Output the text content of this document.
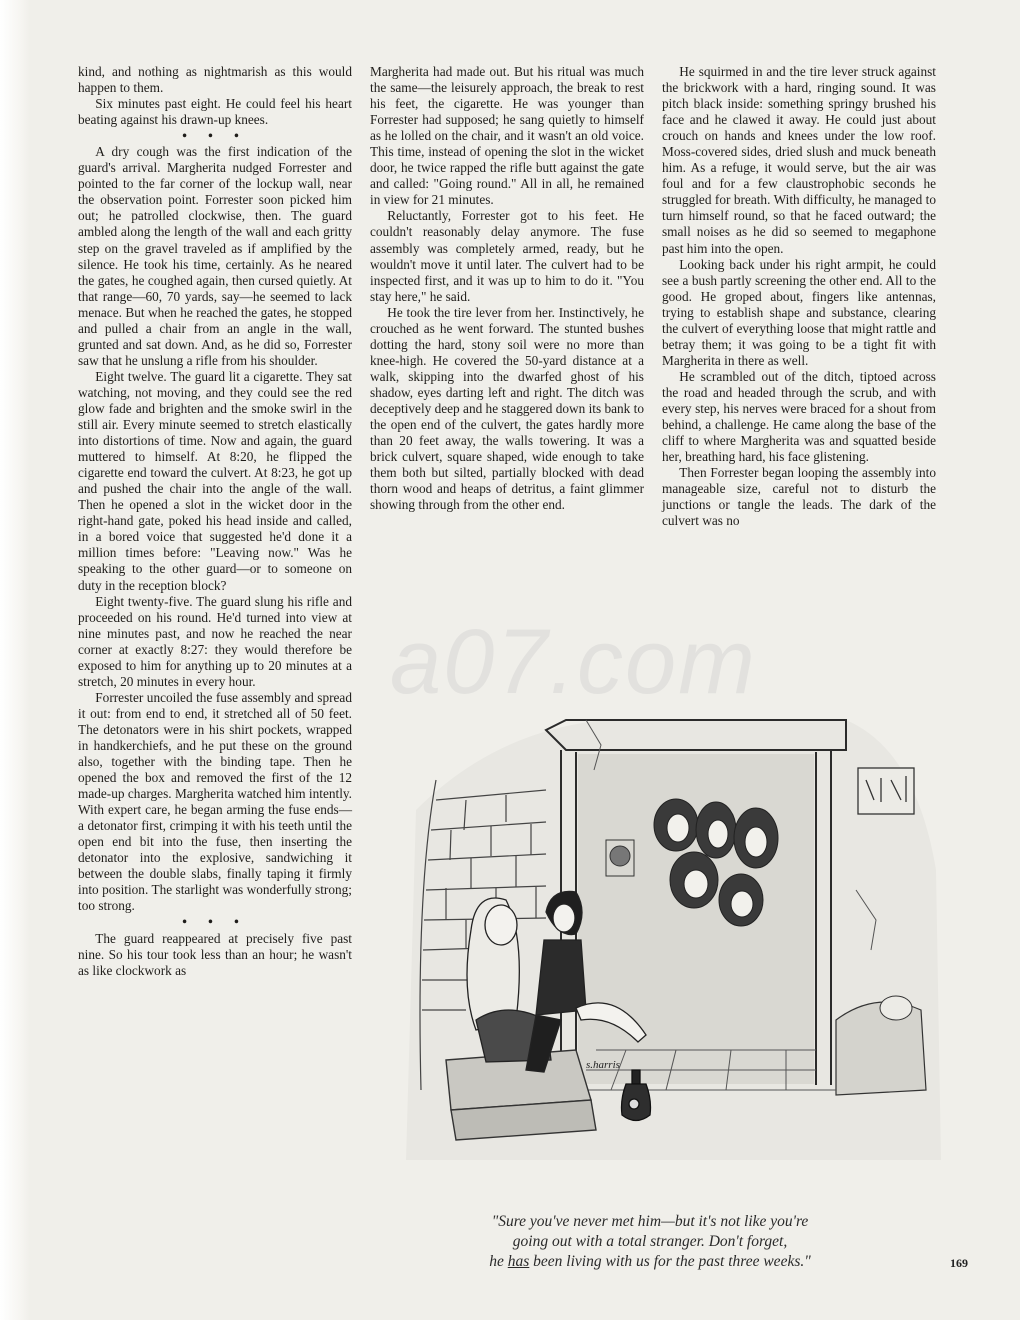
kind, and nothing as nightmarish as this would happen to them.

Six minutes past eight. He could feel his heart beating against his drawn-up knees.

• • •

A dry cough was the first indication of the guard's arrival. Margherita nudged Forrester and pointed to the far corner of the lockup wall, near the observation point. Forrester soon picked him out; he patrolled clockwise, then. The guard ambled along the length of the wall and each gritty step on the gravel traveled as if amplified by the silence. He took his time, certainly. As he neared the gates, he coughed again, then cursed quietly. At that range—60, 70 yards, say—he seemed to lack menace. But when he reached the gates, he stopped and pulled a chair from an angle in the wall, grunted and sat down. And, as he did so, Forrester saw that he unslung a rifle from his shoulder.

Eight twelve. The guard lit a cigarette. They sat watching, not moving, and they could see the red glow fade and brighten and the smoke swirl in the still air. Every minute seemed to stretch elastically into distortions of time. Now and again, the guard muttered to himself. At 8:20, he flipped the cigarette end toward the culvert. At 8:23, he got up and pushed the chair into the angle of the wall. Then he opened a slot in the wicket door in the right-hand gate, poked his head inside and called, in a bored voice that suggested he'd done it a million times before: "Leaving now." Was he speaking to the other guard—or to someone on duty in the reception block?

Eight twenty-five. The guard slung his rifle and proceeded on his round. He'd turned into view at nine minutes past, and now he reached the near corner at exactly 8:27: they would therefore be exposed to him for anything up to 20 minutes at a stretch, 20 minutes in every hour.

Forrester uncoiled the fuse assembly and spread it out: from end to end, it stretched all of 50 feet. The detonators were in his shirt pockets, wrapped in handkerchiefs, and he put these on the ground also, together with the binding tape. Then he opened the box and removed the first of the 12 made-up charges. Margherita watched him intently. With expert care, he began arming the fuse ends—a detonator first, crimping it with his teeth until the open end bit into the fuse, then inserting the detonator into the explosive, sandwiching it between the double slabs, finally taping it firmly into position. The starlight was wonderfully strong; too strong.

• • •

The guard reappeared at precisely five past nine. So his tour took less than an hour; he wasn't as like clockwork as

Margherita had made out. But his ritual was much the same—the leisurely approach, the break to rest his feet, the cigarette. He was younger than Forrester had supposed; he sang quietly to himself as he lolled on the chair, and it wasn't an old voice. This time, instead of opening the slot in the wicket door, he twice rapped the rifle butt against the gate and called: "Going round." All in all, he remained in view for 21 minutes.

Reluctantly, Forrester got to his feet. He couldn't reasonably delay anymore. The fuse assembly was completely armed, ready, but he wouldn't move it until later. The culvert had to be inspected first, and it was up to him to do it. "You stay here," he said.

He took the tire lever from her. Instinctively, he crouched as he went forward. The stunted bushes dotting the hard, stony soil were no more than knee-high. He covered the 50-yard distance at a walk, skipping into the dwarfed ghost of his shadow, eyes darting left and right. The ditch was deceptively deep and he staggered down its bank to the open end of the culvert, the gates hardly more than 20 feet away, the walls towering. It was a brick culvert, square shaped, wide enough to take them both but silted, partially blocked with dead thorn wood and heaps of detritus, a faint glimmer showing through from the other end.

He squirmed in and the tire lever struck against the brickwork with a hard, ringing sound. It was pitch black inside: something springy brushed his face and he clawed it away. He could just about crouch on hands and knees under the low roof. Moss-covered sides, dried slush and muck beneath him. As a refuge, it would serve, but the air was foul and for a few claustrophobic seconds he struggled for breath. With difficulty, he managed to turn himself round, so that he faced outward; the small noises as he did so seemed to megaphone past him into the open.

Looking back under his right armpit, he could see a bush partly screening the other end. All to the good. He groped about, fingers like antennas, trying to establish shape and substance, clearing the culvert of everything loose that might rattle and betray them; it was going to be a tight fit with Margherita in there as well.

He scrambled out of the ditch, tiptoed across the road and headed through the scrub, and with every step, his nerves were braced for a shout from behind, a challenge. He came along the base of the cliff to where Margherita was and squatted beside her, breathing hard, his face glistening.

Then Forrester began looping the assembly into manageable size, careful not to disturb the junctions or tangle the leads. The dark of the culvert was no

a07.com
s.harris
"Sure you've never met him—but it's not like you're
going out with a total stranger. Don't forget,
he has been living with us for the past three weeks."	169
